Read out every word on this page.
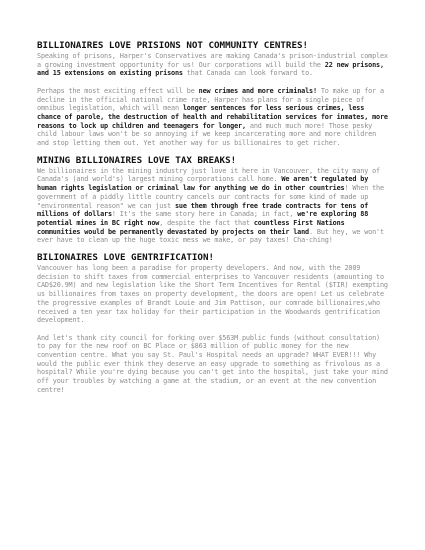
BILLIONAIRES LOVE PRISIONS NOT COMMUNITY CENTRES!

Speaking of prisons, Harper's Conservatives are making Canada's prison-industrial complex a growing investment opportunity for us! Our corporations will build the 22 new prisons, and 15 extensions on existing prisons that Canada can look forward to.

Perhaps the most exciting effect will be new crimes and more criminals! To make up for a decline in the official national crime rate, Harper has plans for a single piece of omnibus legislation, which will mean longer sentences for less serious crimes, less chance of parole, the destruction of health and rehabilitation services for inmates, more reasons to lock up children and teenagers for longer, and much much more! Those pesky child labour laws won't be so annoying if we keep incarcerating more and more children and stop letting them out. Yet another way for us billionaires to get richer.

MINING BILLIONAIRES LOVE TAX BREAKS!

We billionaires in the mining industry just love it here in Vancouver, the city many of Canada's (and world's) largest mining corporations call home. We aren't regulated by human rights legislation or criminal law for anything we do in other countries! When the government of a piddly little country cancels our contracts for some kind of made up "environmental reason" we can just sue them through free trade contracts for tens of millions of dollars! It's the same story here in Canada; in fact, we're exploring 88 potential mines in BC right now, despite the fact that countless First Nations communities would be permanently devastated by projects on their land. But hey, we won't ever have to clean up the huge toxic mess we make, or pay taxes! Cha-ching!

BILIONAIRES LOVE GENTRIFICATION!

Vancouver has long been a paradise for property developers. And now, with the 2009 decision to shift taxes from commercial enterprises to Vancouver residents (amounting to CAD$20.9M) and new legislation like the Short Term Incentives for Rental ($TIR) exempting us billionaires from taxes on property development, the doors are open! Let us celebrate the progressive examples of Brandt Louie and Jim Pattison, our comrade billionaires,who received a ten year tax holiday for their participation in the Woodwards gentrification development.

And let's thank city council for forking over $563M public funds (without consultation) to pay for the new roof on BC Place or $863 million of public money for the new convention centre. What you say St. Paul's Hospital needs an upgrade? WHAT EVER!!! Why would the public ever think they deserve an easy upgrade to something as frivolous as a hospital? While you're dying because you can't get into the hospital, just take your mind off your troubles by watching a game at the stadium, or an event at the new convention centre!
